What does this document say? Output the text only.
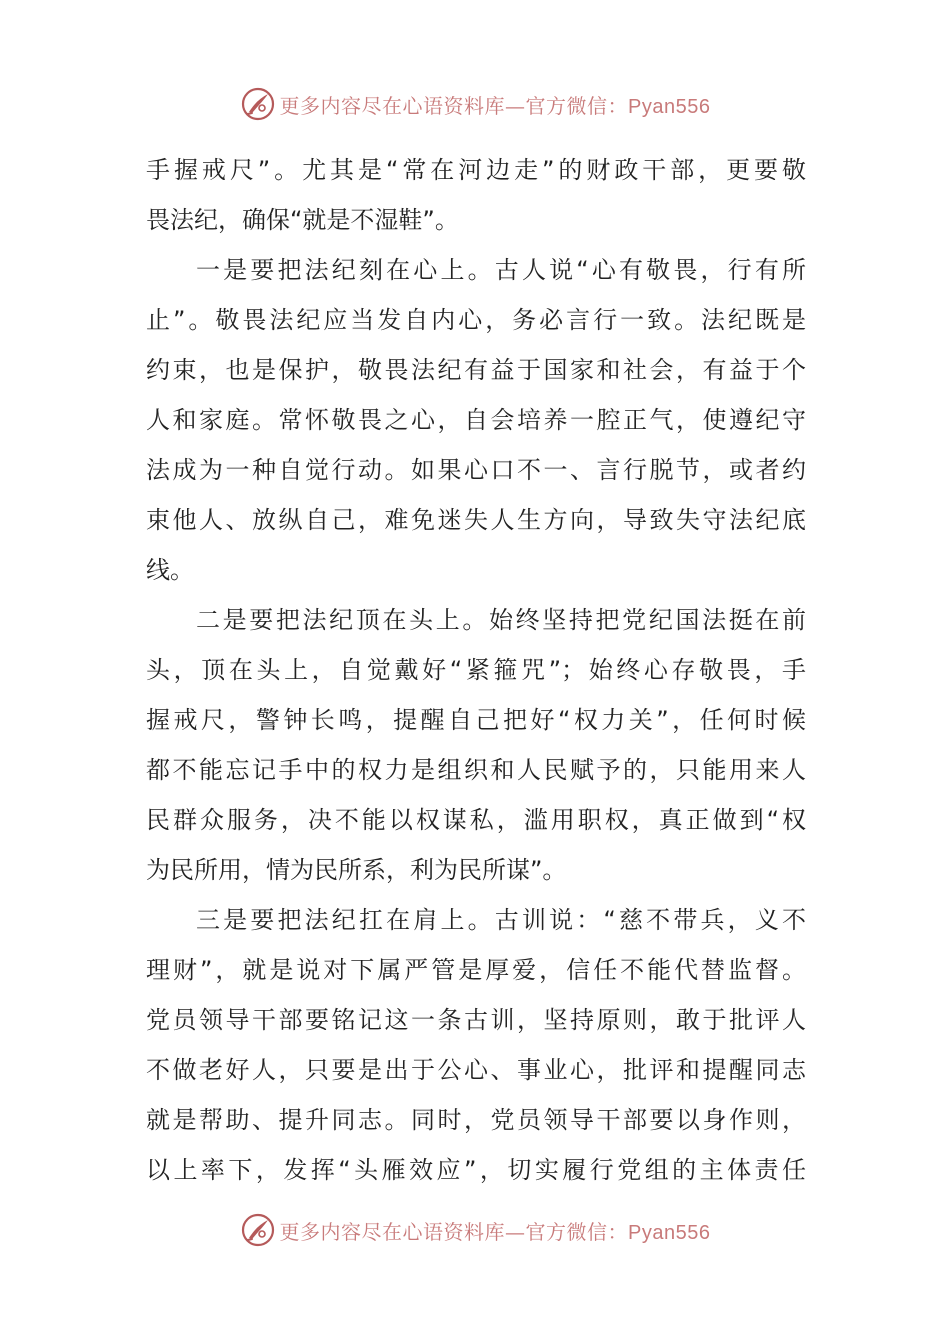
更多内容尽在心语资料库—官方微信：Pyan556
手握戒尺”。尤其是“常在河边走”的财政干部，更要敬
畏法纪，确保“就是不湿鞋”。
一是要把法纪刻在心上。古人说“心有敬畏，行有所
止”。敬畏法纪应当发自内心，务必言行一致。法纪既是
约束，也是保护，敬畏法纪有益于国家和社会，有益于个
人和家庭。常怀敬畏之心，自会培养一腔正气，使遵纪守
法成为一种自觉行动。如果心口不一、言行脱节，或者约
束他人、放纵自己，难免迷失人生方向，导致失守法纪底
线。
二是要把法纪顶在头上。始终坚持把党纪国法挺在前
头，顶在头上，自觉戴好“紧箍咒”；始终心存敬畏，手
握戒尺，警钟长鸣，提醒自己把好“权力关”，任何时候
都不能忘记手中的权力是组织和人民赋予的，只能用来人
民群众服务，决不能以权谋私，滥用职权，真正做到“权
为民所用，情为民所系，利为民所谋”。
三是要把法纪扛在肩上。古训说：“慈不带兵，义不
理财”，就是说对下属严管是厚爱，信任不能代替监督。
党员领导干部要铭记这一条古训，坚持原则，敢于批评人
不做老好人，只要是出于公心、事业心，批评和提醒同志
就是帮助、提升同志。同时，党员领导干部要以身作则，
以上率下，发挥“头雁效应”，切实履行党组的主体责任
更多内容尽在心语资料库—官方微信：Pyan556
